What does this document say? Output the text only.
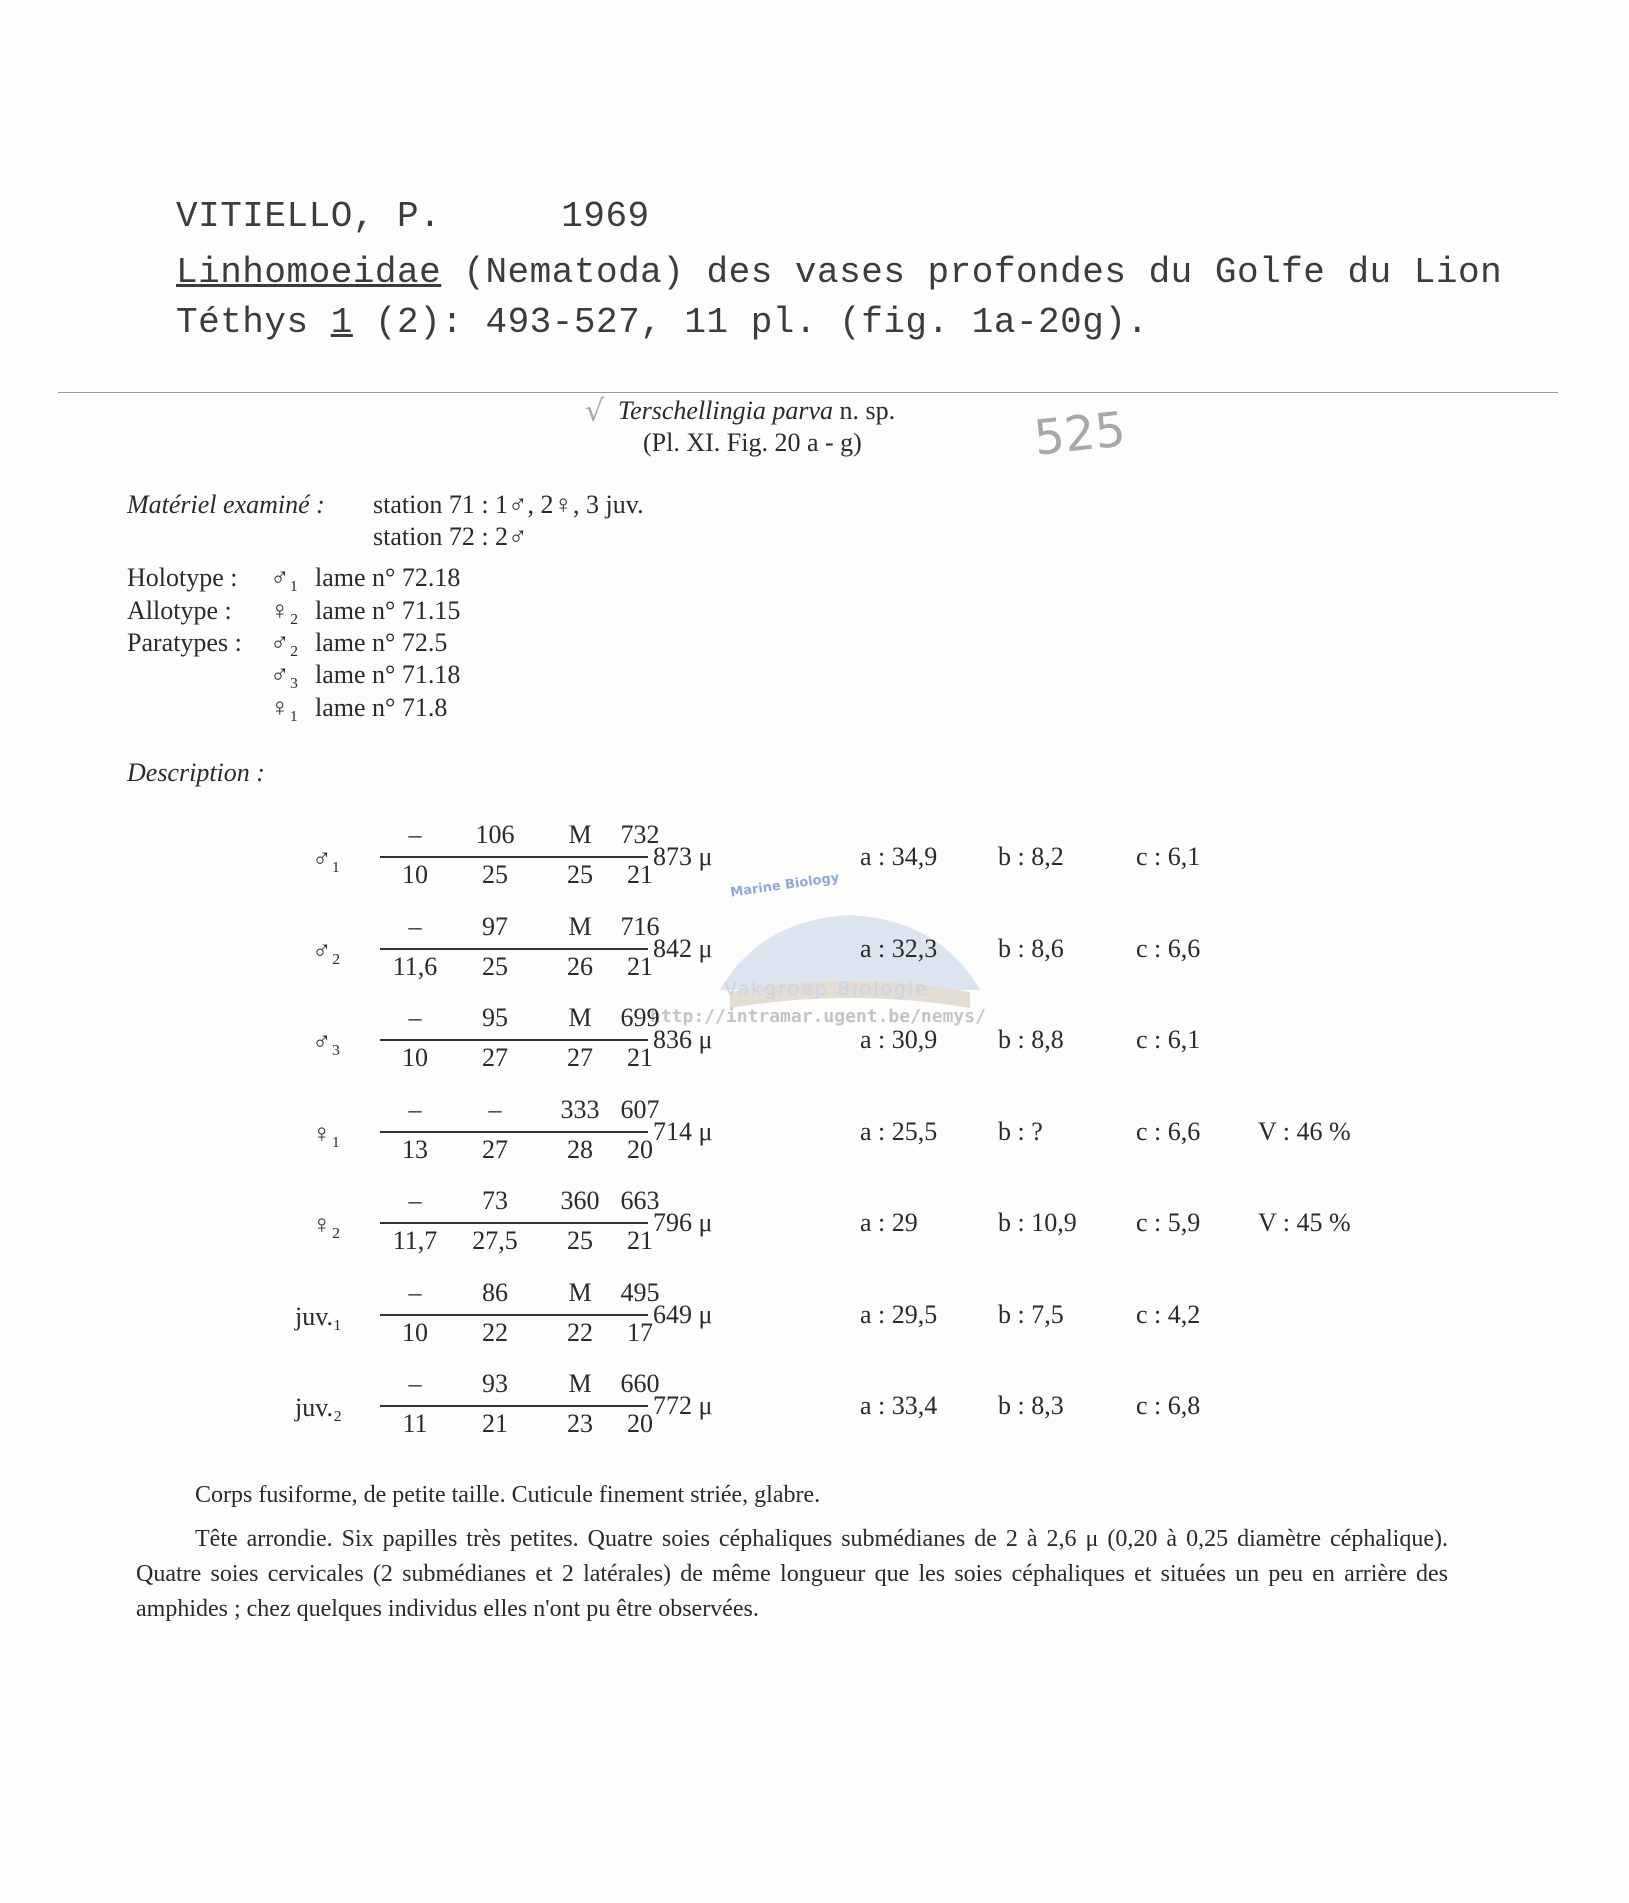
VITIELLO, P.	1969
Linhomoeidae (Nematoda) des vases profondes du Golfe du Lion
Téthys 1 (2): 493-527, 11 pl. (fig. 1a-20g).
525
√ Terschellingia parva n. sp.
(Pl. XI. Fig. 20 a - g)
Matériel examiné : station 71 : 1♂, 2♀, 3 juv.
station 72 : 2♂
Holotype : ♂₁ lame n° 72.18
Allotype : ♀₂ lame n° 71.15
Paratypes : ♂₂ lame n° 72.5
♂₃ lame n° 71.18
♀₁ lame n° 71.8
Description :
Marine Biology
Vakgroep Biologie
http://intramar.ugent.be/nemys/
♂₁
–	106	M	732
10	25	25	21
873 μ	a : 34,9 b : 8,2	c : 6,1
♂₂
–	97	M	716
11,6	25	26	21
842 μ	a : 32,3 b : 8,6	c : 6,6
♂₃
–	95	M	699
10	27	27	21
836 μ	a : 30,9 b : 8,8	c : 6,1
♀₁
–	–	333 607
13	27	28	20
714 μ	a : 25,5 b : ?	c : 6,6 V : 46 %
♀₂
–	73	360 663
11,7	27,5	25	21
796 μ	a : 29	b : 10,9 c : 5,9 V : 45 %
juv.₁
–	86	M	495
10	22	22	17
649 μ	a : 29,5 b : 7,5	c : 4,2
juv.₂
–	93	M	660
11	21	23	20
772 μ	a : 33,4 b : 8,3	c : 6,8

Corps fusiforme, de petite taille. Cuticule finement striée, glabre.

Tête arrondie. Six papilles très petites. Quatre soies céphaliques submédianes de 2 à 2,6 μ (0,20 à 0,25 diamètre céphalique). Quatre soies cervicales (2 submédianes et 2 latérales) de même longueur que les soies céphaliques et situées un peu en arrière des amphides ; chez quelques individus elles n'ont pu être observées.
